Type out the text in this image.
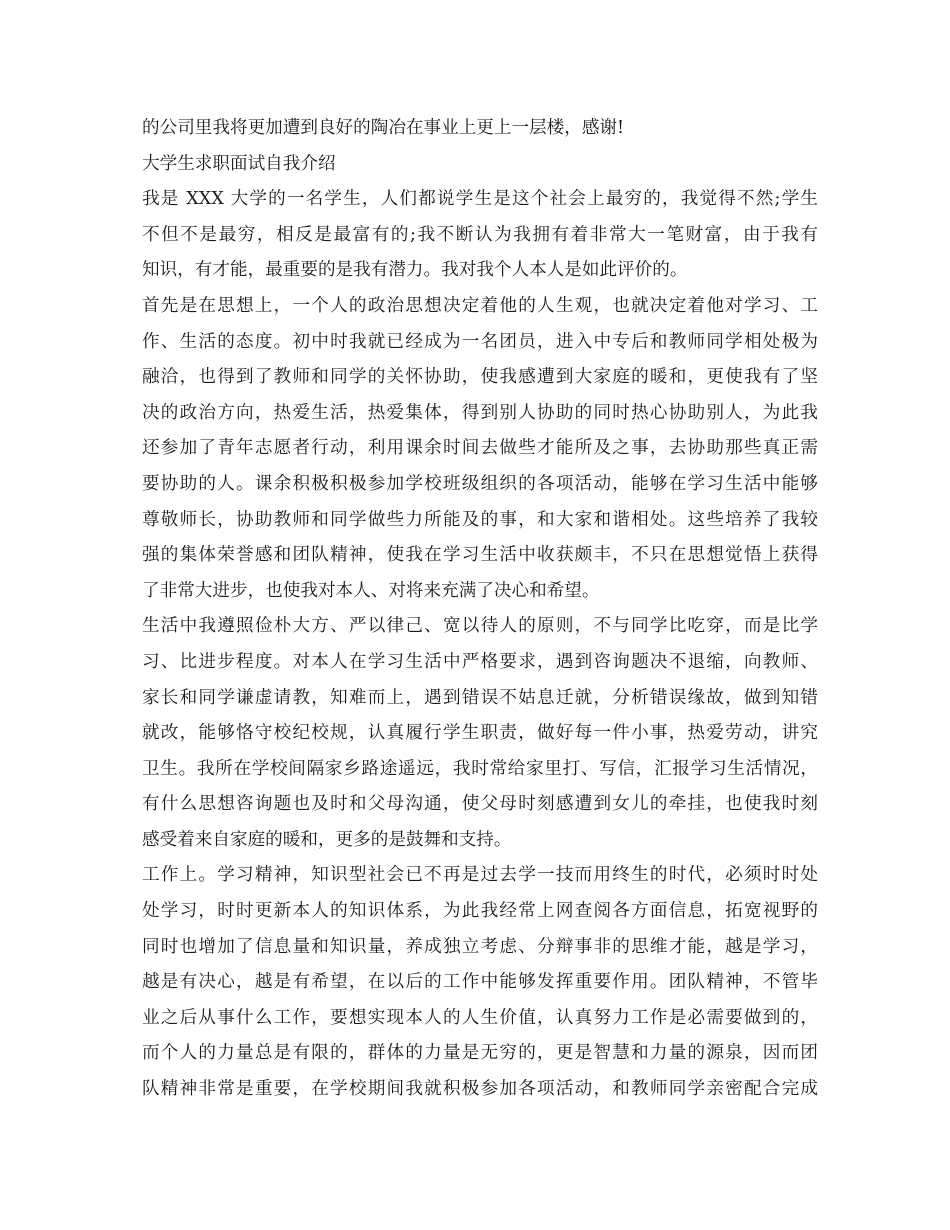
的公司里我将更加遭到良好的陶冶在事业上更上一层楼，感谢!
大学生求职面试自我介绍
我是 XXX 大学的一名学生，人们都说学生是这个社会上最穷的，我觉得不然;学生
不但不是最穷，相反是最富有的;我不断认为我拥有着非常大一笔财富，由于我有
知识，有才能，最重要的是我有潜力。我对我个人本人是如此评价的。
首先是在思想上，一个人的政治思想决定着他的人生观，也就决定着他对学习、工
作、生活的态度。初中时我就已经成为一名团员，进入中专后和教师同学相处极为
融洽，也得到了教师和同学的关怀协助，使我感遭到大家庭的暖和，更使我有了坚
决的政治方向，热爱生活，热爱集体，得到别人协助的同时热心协助别人，为此我
还参加了青年志愿者行动，利用课余时间去做些才能所及之事，去协助那些真正需
要协助的人。课余积极积极参加学校班级组织的各项活动，能够在学习生活中能够
尊敬师长，协助教师和同学做些力所能及的事，和大家和谐相处。这些培养了我较
强的集体荣誉感和团队精神，使我在学习生活中收获颇丰，不只在思想觉悟上获得
了非常大进步，也使我对本人、对将来充满了决心和希望。
生活中我遵照俭朴大方、严以律己、宽以待人的原则，不与同学比吃穿，而是比学
习、比进步程度。对本人在学习生活中严格要求，遇到咨询题决不退缩，向教师、
家长和同学谦虚请教，知难而上，遇到错误不姑息迁就，分析错误缘故，做到知错
就改，能够恪守校纪校规，认真履行学生职责，做好每一件小事，热爱劳动，讲究
卫生。我所在学校间隔家乡路途遥远，我时常给家里打、写信，汇报学习生活情况，
有什么思想咨询题也及时和父母沟通，使父母时刻感遭到女儿的牵挂，也使我时刻
感受着来自家庭的暖和，更多的是鼓舞和支持。
工作上。学习精神，知识型社会已不再是过去学一技而用终生的时代，必须时时处
处学习，时时更新本人的知识体系，为此我经常上网查阅各方面信息，拓宽视野的
同时也增加了信息量和知识量，养成独立考虑、分辩事非的思维才能，越是学习，
越是有决心，越是有希望，在以后的工作中能够发挥重要作用。团队精神，不管毕
业之后从事什么工作，要想实现本人的人生价值，认真努力工作是必需要做到的，
而个人的力量总是有限的，群体的力量是无穷的，更是智慧和力量的源泉，因而团
队精神非常是重要，在学校期间我就积极参加各项活动，和教师同学亲密配合完成
